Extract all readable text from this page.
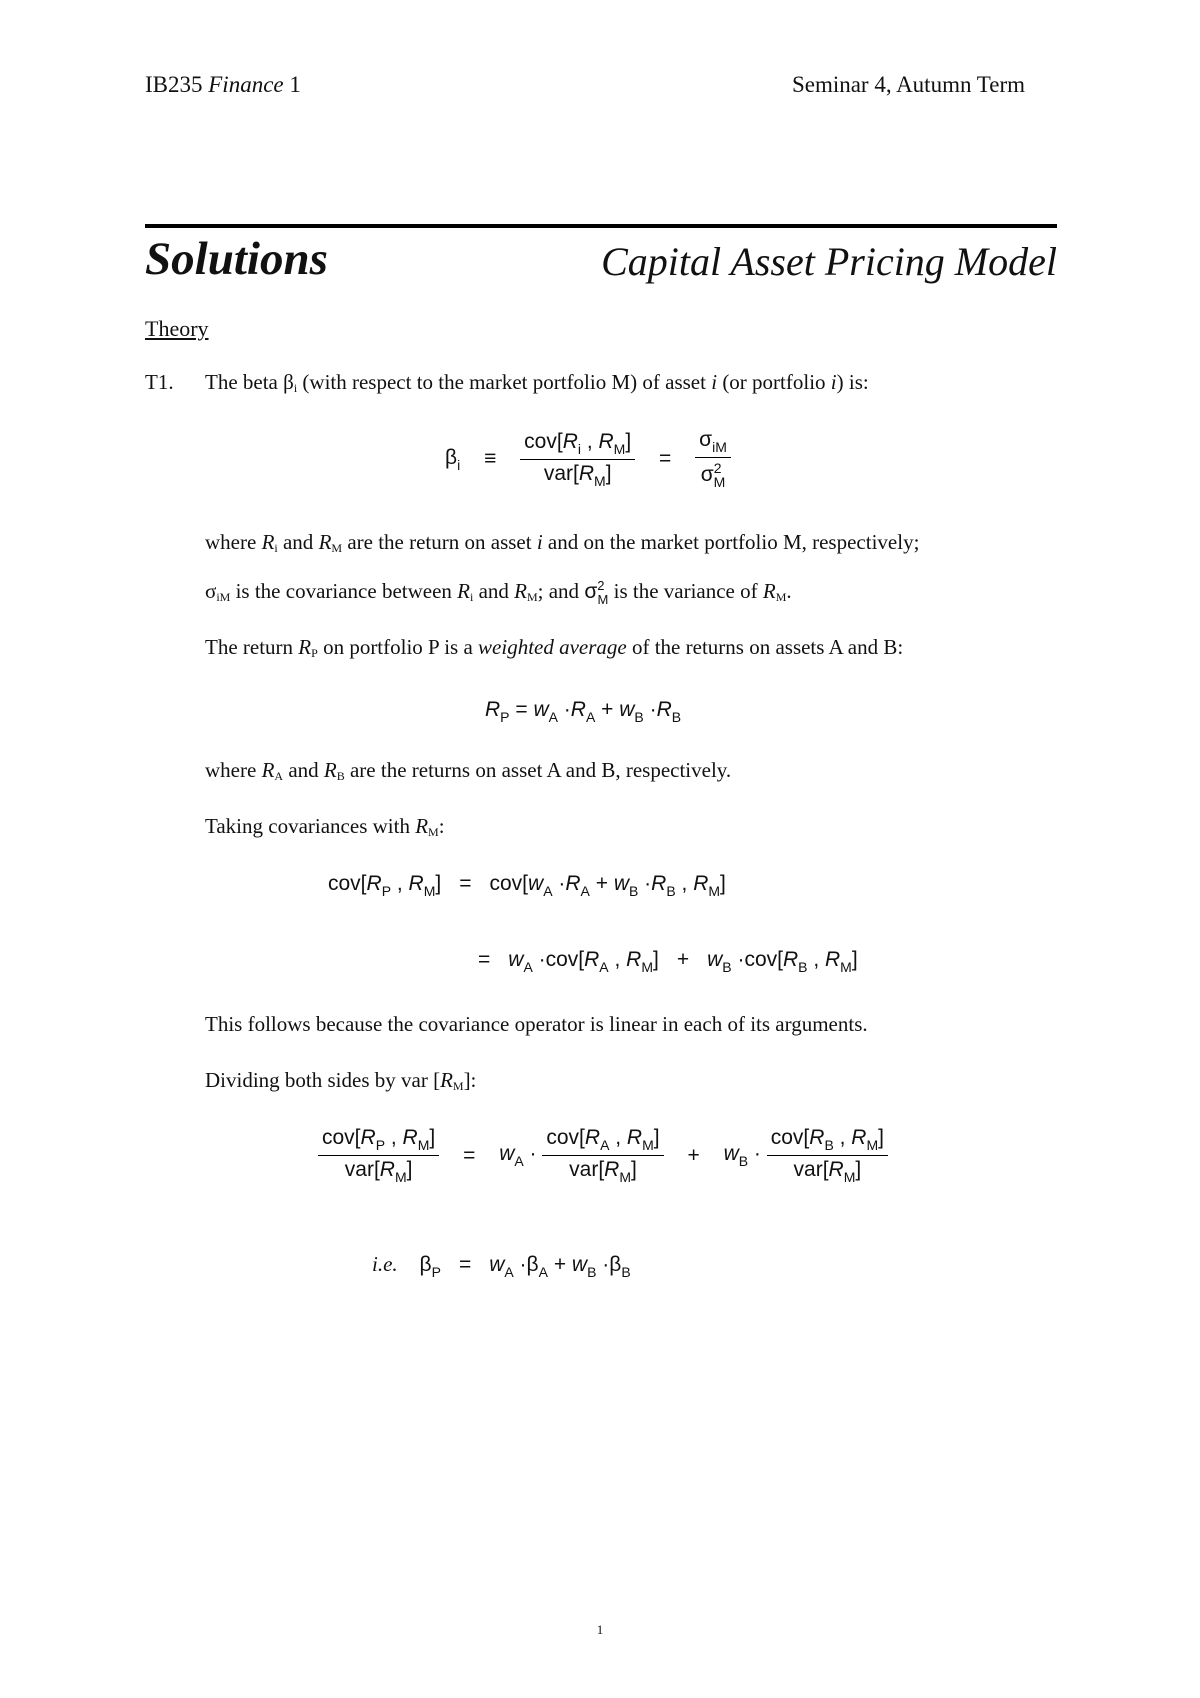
IB235 Finance 1	Seminar 4, Autumn Term
Solutions	Capital Asset Pricing Model
Theory
T1. The beta $\beta_i$ (with respect to the market portfolio M) of asset i (or portfolio i) is:
$\beta_i \equiv \frac{cov[R_i , R_M]}{var[R_M]} = \frac{\sigma_{iM}}{\sigma^2_M}$
where $R_i$ and $R_M$ are the return on asset i and on the market portfolio M, respectively;
$\sigma_{iM}$ is the covariance between $R_i$ and $R_M$; and $\sigma^2_M$ is the variance of $R_M$.
The return $R_P$ on portfolio P is a weighted average of the returns on assets A and B:
$R_P = w_A \cdot R_A + w_B \cdot R_B$
where $R_A$ and $R_B$ are the returns on asset A and B, respectively.
Taking covariances with $R_M$:
$cov[R_P$ , $R_M] = cov[w_A \cdot R_A + w_B \cdot R_B$ , $R_M$]
= $w_A \cdot cov[R_A$ , $R_M] + w_B \cdot cov[R_B$ , $R_M$]
This follows because the covariance operator is linear in each of its arguments.
Dividing both sides by var $[R_M]$:
$\frac{cov[R_P , R_M]}{var[R_M]} = w_A \cdot \frac{cov[R_A , R_M]}{var[R_M]} + w_B \cdot \frac{cov[R_B , R_M]}{var[R_M]}$
i.e. $\beta_P = w_A \cdot\beta_A + w_B \cdot\beta_B$
1
